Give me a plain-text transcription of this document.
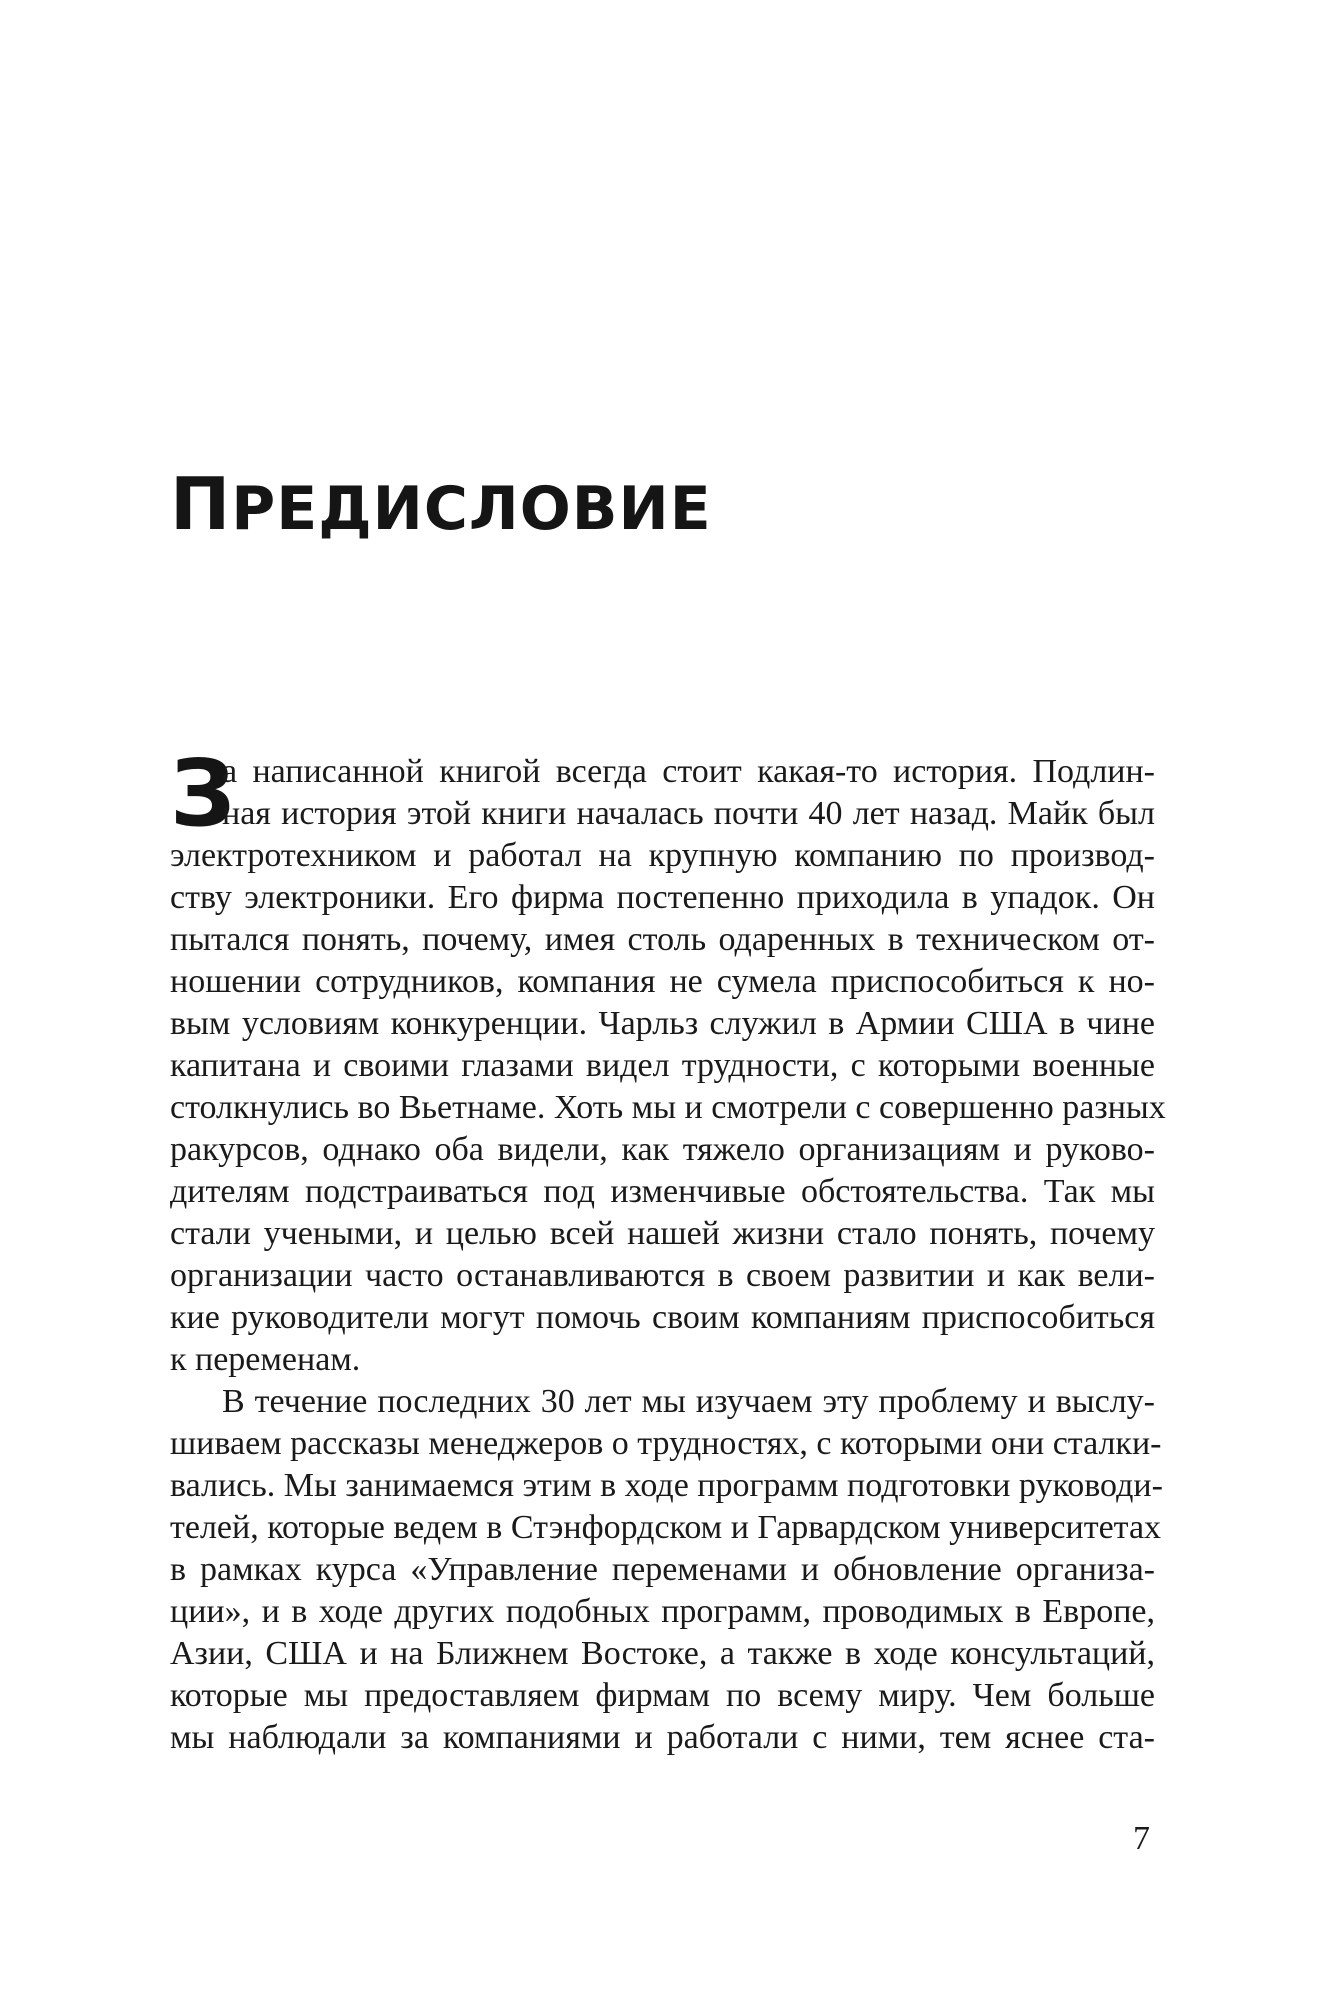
ПРЕДИСЛОВИЕ
З
а написанной книгой всегда стоит какая-то история. Подлин-
ная история этой книги началась почти 40 лет назад. Майк был
электротехником и работал на крупную компанию по производ-
ству электроники. Его фирма постепенно приходила в упадок. Он
пытался понять, почему, имея столь одаренных в техническом от-
ношении сотрудников, компания не сумела приспособиться к но-
вым условиям конкуренции. Чарльз служил в Армии США в чине
капитана и своими глазами видел трудности, с которыми военные
столкнулись во Вьетнаме. Хоть мы и смотрели с совершенно разных
ракурсов, однако оба видели, как тяжело организациям и руково-
дителям подстраиваться под изменчивые обстоятельства. Так мы
стали учеными, и целью всей нашей жизни стало понять, почему
организации часто останавливаются в своем развитии и как вели-
кие руководители могут помочь своим компаниям приспособиться
к переменам.
В течение последних 30 лет мы изучаем эту проблему и выслу-
шиваем рассказы менеджеров о трудностях, с которыми они сталки-
вались. Мы занимаемся этим в ходе программ подготовки руководи-
телей, которые ведем в Стэнфордском и Гарвардском университетах
в рамках курса «Управление переменами и обновление организа-
ции», и в ходе других подобных программ, проводимых в Европе,
Азии, США и на Ближнем Востоке, а также в ходе консультаций,
которые мы предоставляем фирмам по всему миру. Чем больше
мы наблюдали за компаниями и работали с ними, тем яснее ста-
7
